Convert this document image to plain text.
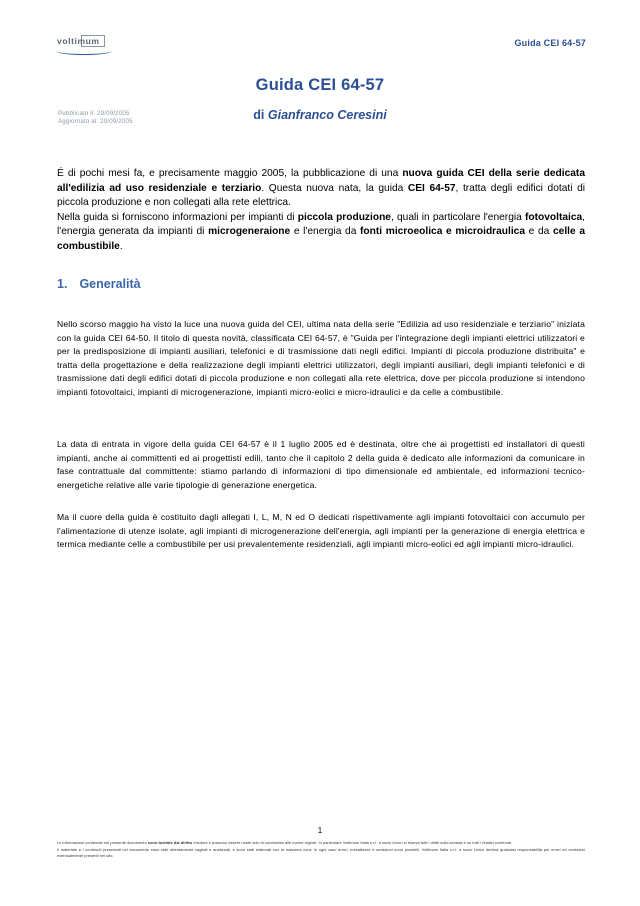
voltimum	Guida CEI 64-57
Guida CEI 64-57
di Gianfranco Ceresini
Pubblicato il: 29/09/2005
Aggiornato al: 29/09/2005
É di pochi mesi fa, e precisamente maggio 2005, la pubblicazione di una nuova guida CEI della serie dedicata all'edilizia ad uso residenziale e terziario. Questa nuova nata, la guida CEI 64-57, tratta degli edifici dotati di piccola produzione e non collegati alla rete elettrica.
Nella guida si forniscono informazioni per impianti di piccola produzione, quali in particolare l'energia fotovoltaica, l'energia generata da impianti di microgeneraione e l'energia da fonti microeolica e microidraulica e da celle a combustibile.
1. Generalità
Nello scorso maggio ha visto la luce una nuova guida del CEI, ultima nata della serie "Edilizia ad uso residenziale e terziario" iniziata con la guida CEI 64-50. Il titolo di questa novità, classificata CEI 64-57, è "Guida per l'integrazione degli impianti elettrici utilizzatori e per la predisposizione di impianti ausiliari, telefonici e di trasmissione dati negli edifici. Impianti di piccola produzione distribuita" e tratta della progettazione e della realizzazione degli impianti elettrici utilizzatori, degli impianti ausiliari, degli impianti telefonici e di trasmissione dati degli edifici dotati di piccola produzione e non collegati alla rete elettrica, dove per piccola produzione si intendono impianti fotovoltaici, impianti di microgenerazione, impianti micro-eolici e micro-idraulici e da celle a combustibile.
La data di entrata in vigore della guida CEI 64-57 è il 1 luglio 2005 ed è destinata, oltre che ai progettisti ed installatori di questi impianti, anche ai committenti ed ai progettisti edili, tanto che il capitolo 2 della guida è dedicato alle informazioni da comunicare in fase contrattuale dal committente: stiamo parlando di informazioni di tipo dimensionale ed ambientale, ed informazioni tecnico-energetiche relative alle varie tipologie di generazione energetica.
Ma il cuore della guida è costituito dagli allegati I, L, M, N ed O dedicati rispettivamente agli impianti fotovoltaici con accumulo per l'alimentazione di utenze isolate, agli impianti di microgenerazione dell'energia, agli impianti per la generazione di energia elettrica e termica mediante celle a combustibile per usi prevalentemente residenziali, agli impianti micro-eolici ed agli impianti micro-idraulici.
1

Le informazioni contenute nel presente documento sono tutelate dal diritto d'autore e possono essere usate solo in conformità alle norme vigenti. In particolare Voltimum Italia s.r.l. a socio Unico si riserva tutti i diritti sulla scheda e su tutti i relativi contenuti.

Il materiale e i contenuti presentati nel documento sono stati attentamente vagliati e analizzati, e sono stati elaborati con la massima cura. In ogni caso errori, inesattezze e omissioni sono possibili. Voltimum Italia s.r.l. a socio Unico declina qualsiasi responsabilità per errori ed omissioni eventualmente presenti nel sito.
